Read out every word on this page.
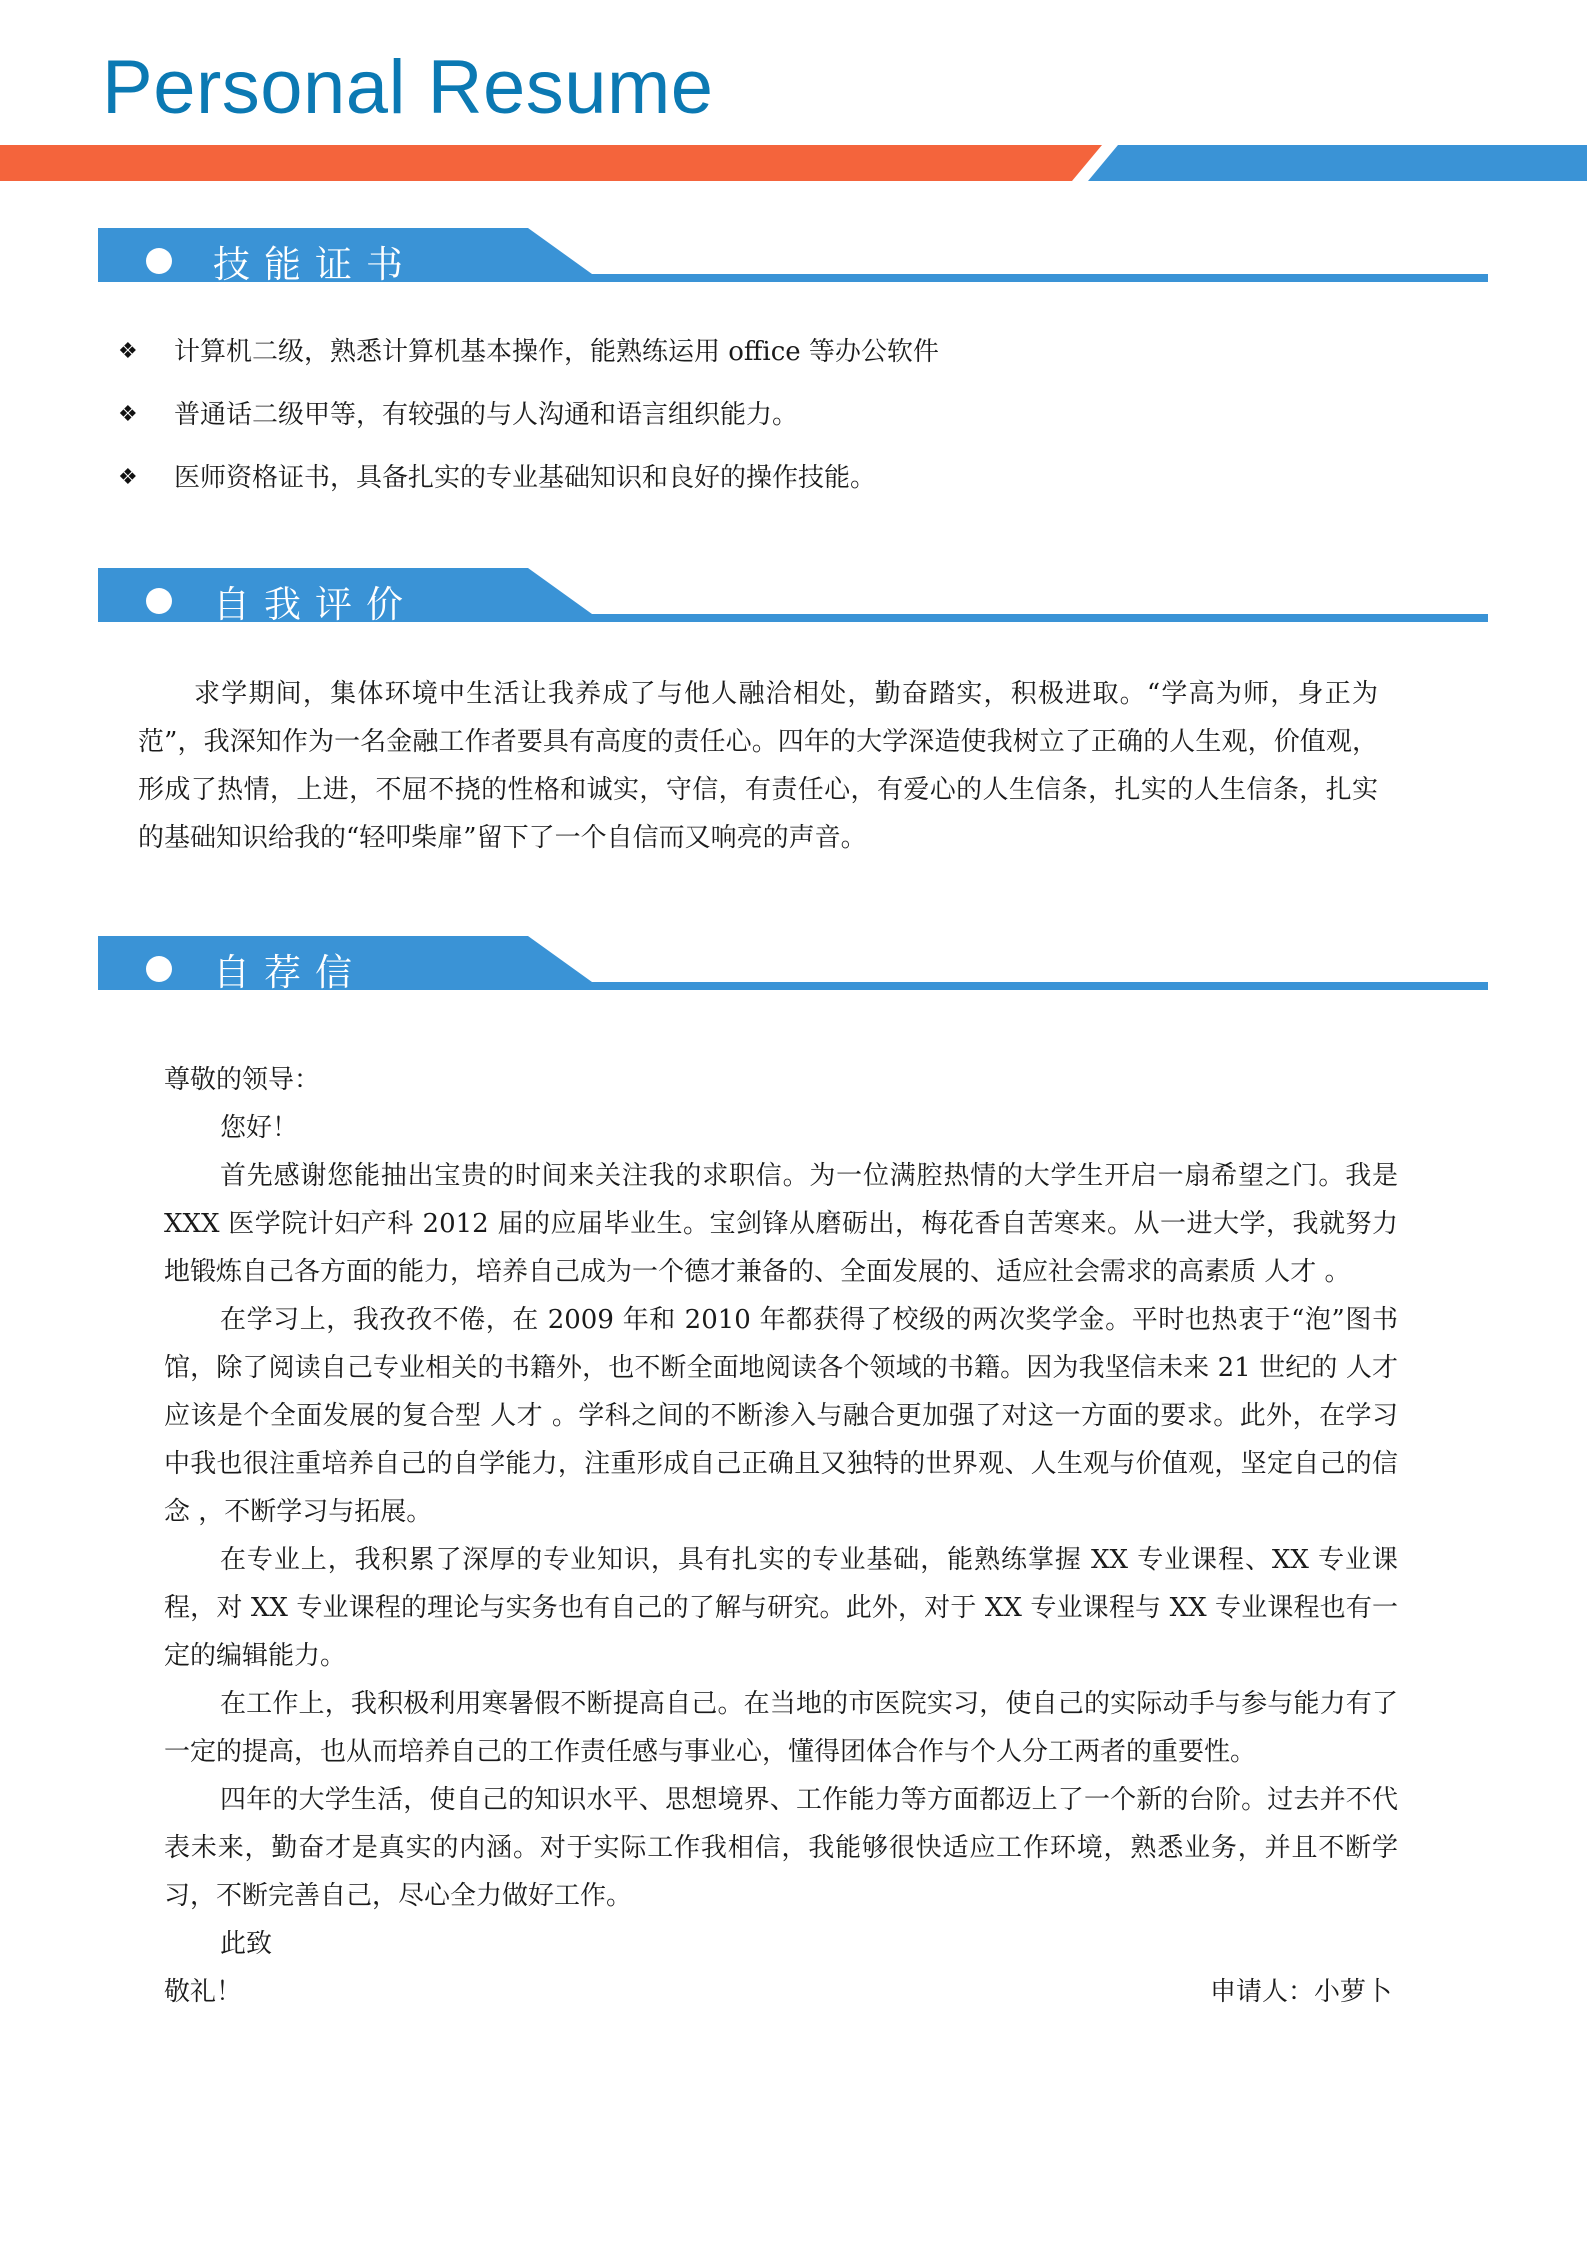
Personal Resume
技能证书
❖ 计算机二级，熟悉计算机基本操作，能熟练运用 office 等办公软件
❖ 普通话二级甲等，有较强的与人沟通和语言组织能力。
❖ 医师资格证书，具备扎实的专业基础知识和良好的操作技能。
自我评价

求学期间，集体环境中生活让我养成了与他人融洽相处，勤奋踏实，积极进取。“学高为师，身正为范”，我深知作为一名金融工作者要具有高度的责任心。四年的大学深造使我树立了正确的人生观，价值观，形成了热情，上进，不屈不挠的性格和诚实，守信，有责任心，有爱心的人生信条，扎实的人生信条，扎实的基础知识给我的“轻叩柴扉”留下了一个自信而又响亮的声音。

自荐信

尊敬的领导：

您好！

首先感谢您能抽出宝贵的时间来关注我的求职信。为一位满腔热情的大学生开启一扇希望之门。我是 XXX 医学院计妇产科 2012 届的应届毕业生。宝剑锋从磨砺出，梅花香自苦寒来。从一进大学，我就努力地锻炼自己各方面的能力，培养自己成为一个德才兼备的、全面发展的、适应社会需求的高素质 人才 。

在学习上，我孜孜不倦，在 2009 年和 2010 年都获得了校级的两次奖学金。平时也热衷于“泡”图书馆，除了阅读自己专业相关的书籍外，也不断全面地阅读各个领域的书籍。因为我坚信未来 21 世纪的 人才 应该是个全面发展的复合型 人才 。学科之间的不断渗入与融合更加强了对这一方面的要求。此外，在学习中我也很注重培养自己的自学能力，注重形成自己正确且又独特的世界观、人生观与价值观，坚定自己的信念 ，不断学习与拓展。

在专业上，我积累了深厚的专业知识，具有扎实的专业基础，能熟练掌握 XX 专业课程、XX 专业课程，对 XX 专业课程的理论与实务也有自己的了解与研究。此外，对于 XX 专业课程与 XX 专业课程也有一定的编辑能力。

在工作上，我积极利用寒暑假不断提高自己。在当地的市医院实习，使自己的实际动手与参与能力有了一定的提高，也从而培养自己的工作责任感与事业心，懂得团体合作与个人分工两者的重要性。

四年的大学生活，使自己的知识水平、思想境界、工作能力等方面都迈上了一个新的台阶。过去并不代表未来，勤奋才是真实的内涵。对于实际工作我相信，我能够很快适应工作环境，熟悉业务，并且不断学习，不断完善自己，尽心全力做好工作。

此致

敬礼！	申请人：小萝卜
